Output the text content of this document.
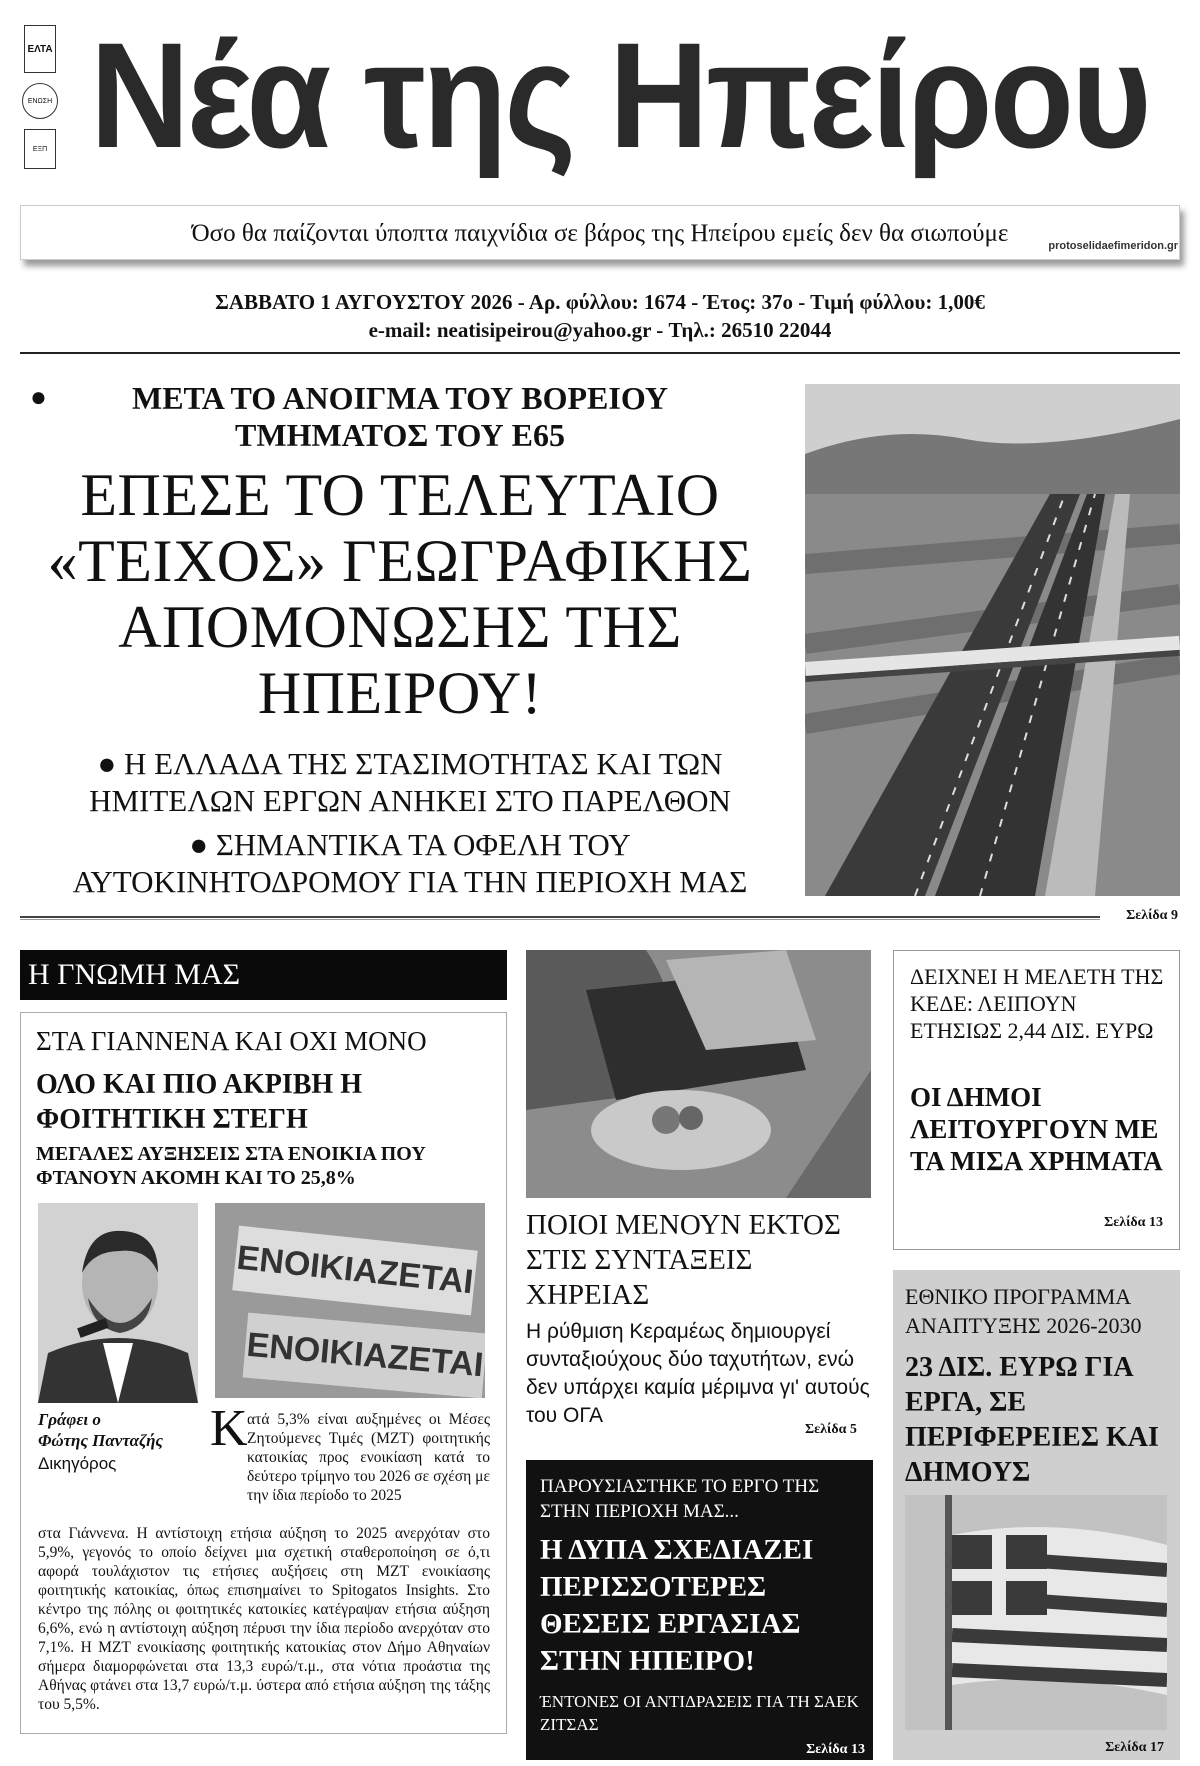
ΕΛΤΑ
ΕΝΩΣΗ
ΕΞΠ Νέα της Ηπείρου
Όσο θα παίζονται ύποπτα παιχνίδια σε βάρος της Ηπείρου εμείς δεν θα σιωπούμε	protoselidaefimeridon.gr
ΣΑΒΒΑΤΟ 1 ΑΥΓΟΥΣΤΟΥ 2026 - Αρ. φύλλου: 1674 - Έτος: 37ο - Τιμή φύλλου: 1,00€
e-mail: neatisipeirou@yahoo.gr - Τηλ.: 26510 22044
●	ΜΕΤΑ ΤΟ ΑΝΟΙΓΜΑ ΤΟΥ ΒΟΡΕΙΟΥ ΤΜΗΜΑΤΟΣ ΤΟΥ Ε65
ΕΠΕΣΕ ΤΟ ΤΕΛΕΥΤΑΙΟ «ΤΕΙΧΟΣ» ΓΕΩΓΡΑΦΙΚΗΣ ΑΠΟΜΟΝΩΣΗΣ ΤΗΣ ΗΠΕΙΡΟΥ!
● Η ΕΛΛΑΔΑ ΤΗΣ ΣΤΑΣΙΜΟΤΗΤΑΣ ΚΑΙ ΤΩΝ ΗΜΙΤΕΛΩΝ ΕΡΓΩΝ ΑΝΗΚΕΙ ΣΤΟ ΠΑΡΕΛΘΟΝ
● ΣΗΜΑΝΤΙΚΑ ΤΑ ΟΦΕΛΗ ΤΟΥ ΑΥΤΟΚΙΝΗΤΟΔΡΟΜΟΥ ΓΙΑ ΤΗΝ ΠΕΡΙΟΧΗ ΜΑΣ
Σελίδα 9
Η ΓΝΩΜΗ ΜΑΣ
ΣΤΑ ΓΙΑΝΝΕΝΑ ΚΑΙ ΟΧΙ ΜΟΝΟ
ΟΛΟ ΚΑΙ ΠΙΟ ΑΚΡΙΒΗ Η ΦΟΙΤΗΤΙΚΗ ΣΤΕΓΗ
ΜΕΓΑΛΕΣ ΑΥΞΗΣΕΙΣ ΣΤΑ ΕΝΟΙΚΙΑ ΠΟΥ ΦΤΑΝΟΥΝ ΑΚΟΜΗ ΚΑΙ ΤΟ 25,8%
ΕΝΟΙΚΙΑΖΕΤΑΙ
ΕΝΟΙΚΙΑΖΕΤΑΙ
Γράφει ο
Φώτης Πανταζής
Δικηγόρος
Κ ατά 5,3% είναι αυξημένες οι Μέσες Ζητούμενες Τιμές (ΜΖΤ) φοιτητικής κατοικίας προς ενοικίαση κατά το δεύτερο τρίμηνο του 2026 σε σχέση με την ίδια περίοδο το 2025
στα Γιάννενα. Η αντίστοιχη ετήσια αύξηση το 2025 ανερχόταν στο 5,9%, γεγονός το οποίο δείχνει μια σχετική σταθεροποίηση σε ό,τι αφορά τουλάχιστον τις ετήσιες αυξήσεις στη ΜΖΤ ενοικίασης φοιτητικής κατοικίας, όπως επισημαίνει το Spitogatos Insights. Στο κέντρο της πόλης οι φοιτητικές κατοικίες κατέγραψαν ετήσια αύξηση 6,6%, ενώ η αντίστοιχη αύξηση πέρυσι την ίδια περίοδο ανερχόταν στο 7,1%. Η ΜΖΤ ενοικίασης φοιτητικής κατοικίας στον Δήμο Αθηναίων σήμερα διαμορφώνεται στα 13,3 ευρώ/τ.μ., στα νότια προάστια της Αθήνας φτάνει στα 13,7 ευρώ/τ.μ. ύστερα από ετήσια αύξηση της τάξης του 5,5%.
ΠΟΙΟΙ ΜΕΝΟΥΝ ΕΚΤΟΣ ΣΤΙΣ ΣΥΝΤΑΞΕΙΣ ΧΗΡΕΙΑΣ
Η ρύθμιση Κεραμέως δημιουργεί συνταξιούχους δύο ταχυτήτων, ενώ δεν υπάρχει καμία μέριμνα γι' αυτούς του ΟΓΑ
Σελίδα 5
ΠΑΡΟΥΣΙΑΣΤΗΚΕ ΤΟ ΕΡΓΟ ΤΗΣ ΣΤΗΝ ΠΕΡΙΟΧΗ ΜΑΣ...
Η ΔΥΠΑ ΣΧΕΔΙΑΖΕΙ ΠΕΡΙΣΣΟΤΕΡΕΣ ΘΕΣΕΙΣ ΕΡΓΑΣΙΑΣ ΣΤΗΝ ΗΠΕΙΡΟ!
ΈΝΤΟΝΕΣ ΟΙ ΑΝΤΙΔΡΑΣΕΙΣ ΓΙΑ ΤΗ ΣΑΕΚ ΖΙΤΣΑΣ
Σελίδα 13
ΔΕΙΧΝΕΙ Η ΜΕΛΕΤΗ ΤΗΣ ΚΕΔΕ: ΛΕΙΠΟΥΝ ΕΤΗΣΙΩΣ 2,44 ΔΙΣ. ΕΥΡΩ
ΟΙ ΔΗΜΟΙ ΛΕΙΤΟΥΡΓΟΥΝ ΜΕ ΤΑ ΜΙΣΑ ΧΡΗΜΑΤΑ
Σελίδα 13
ΕΘΝΙΚΟ ΠΡΟΓΡΑΜΜΑ ΑΝΑΠΤΥΞΗΣ 2026-2030
23 ΔΙΣ. ΕΥΡΩ ΓΙΑ ΕΡΓΑ, ΣΕ ΠΕΡΙΦΕΡΕΙΕΣ ΚΑΙ ΔΗΜΟΥΣ
Σελίδα 17
